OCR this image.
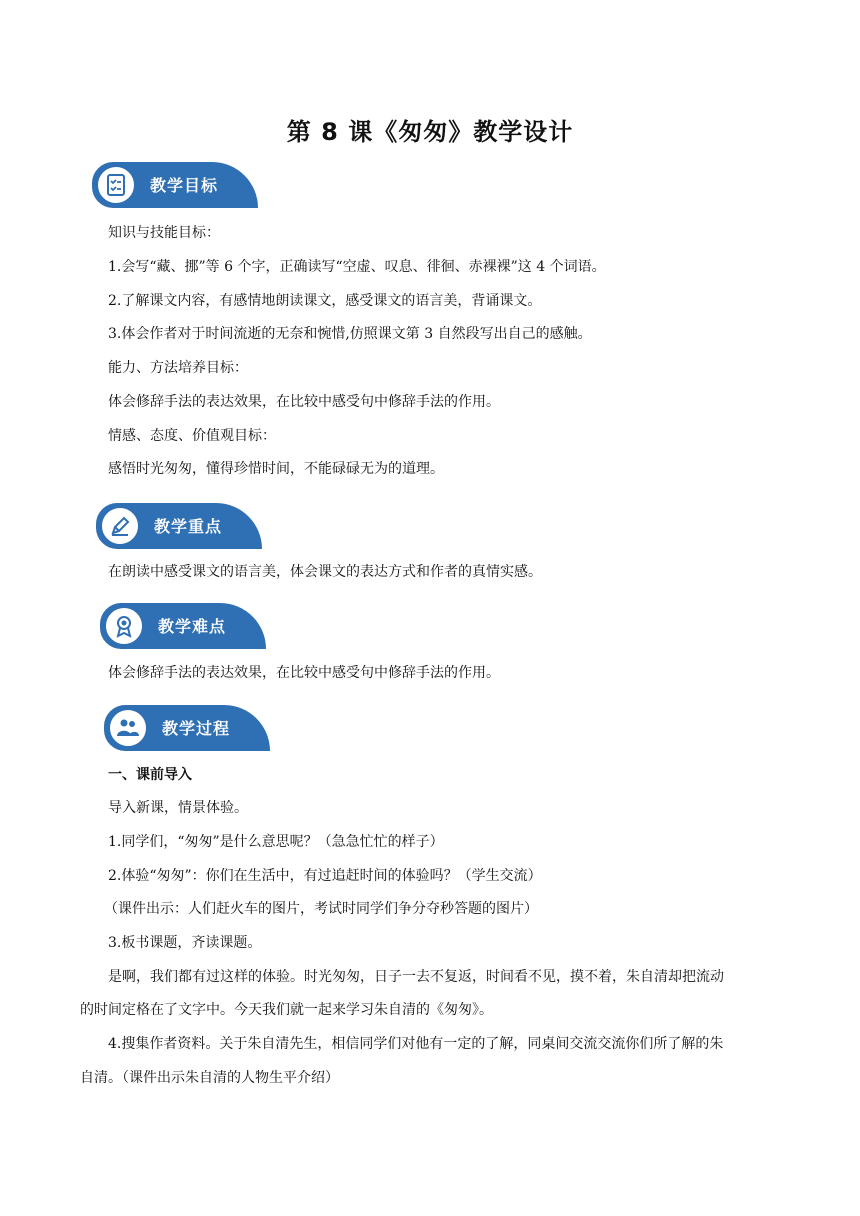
第 8 课《匆匆》教学设计
教学目标
知识与技能目标：
1.会写“藏、挪”等 6 个字，正确读写“空虚、叹息、徘徊、赤裸裸”这 4 个词语。
2.了解课文内容，有感情地朗读课文，感受课文的语言美，背诵课文。
3.体会作者对于时间流逝的无奈和惋惜,仿照课文第 3 自然段写出自己的感触。
能力、方法培养目标：
体会修辞手法的表达效果，在比较中感受句中修辞手法的作用。
情感、态度、价值观目标：
感悟时光匆匆，懂得珍惜时间，不能碌碌无为的道理。
教学重点
在朗读中感受课文的语言美，体会课文的表达方式和作者的真情实感。
教学难点
体会修辞手法的表达效果，在比较中感受句中修辞手法的作用。
教学过程
一、课前导入
导入新课，情景体验。
1.同学们，“匆匆”是什么意思呢？（急急忙忙的样子）
2.体验“匆匆”：你们在生活中，有过追赶时间的体验吗？（学生交流）
（课件出示：人们赶火车的图片，考试时同学们争分夺秒答题的图片）
3.板书课题，齐读课题。
是啊，我们都有过这样的体验。时光匆匆，日子一去不复返，时间看不见，摸不着，朱自清却把流动
的时间定格在了文字中。今天我们就一起来学习朱自清的《匆匆》。
4.搜集作者资料。关于朱自清先生，相信同学们对他有一定的了解，同桌间交流交流你们所了解的朱
自清。（课件出示朱自清的人物生平介绍）
